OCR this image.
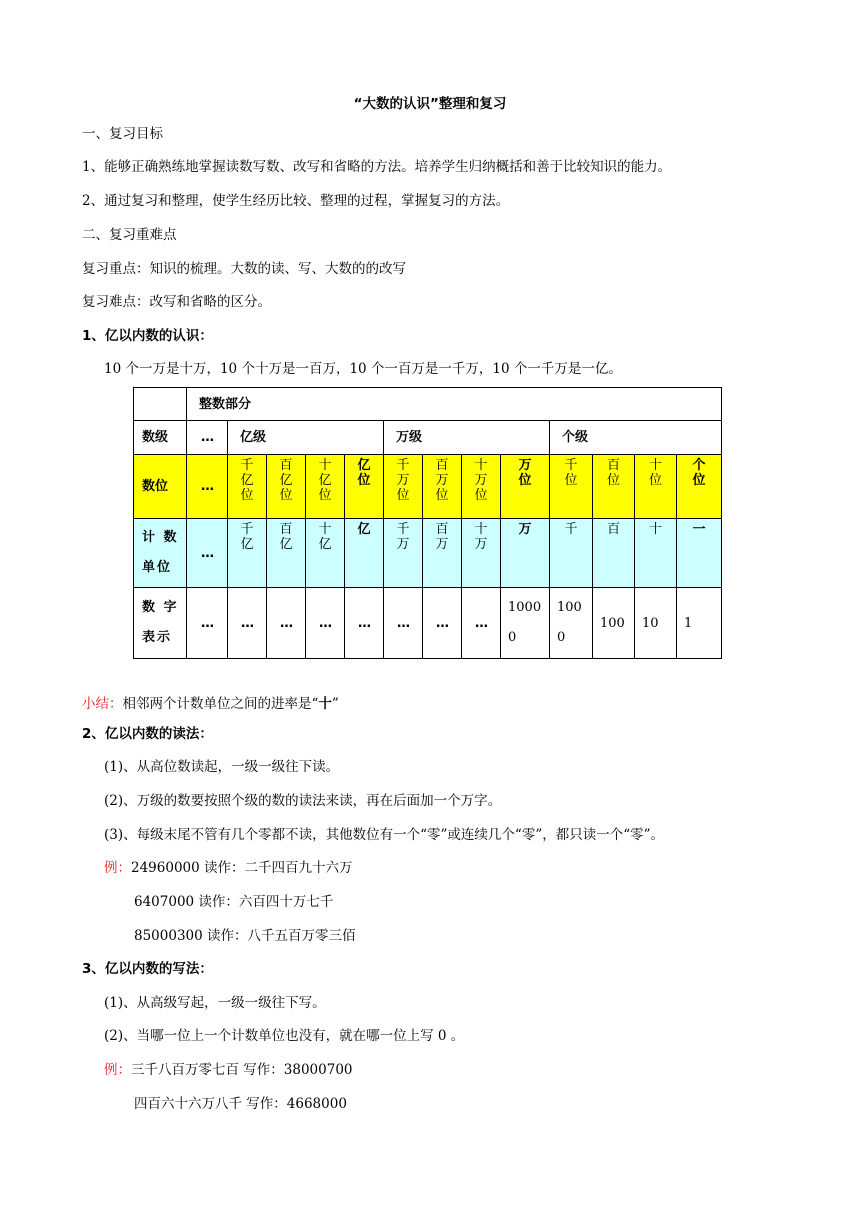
“大数的认识”整理和复习
一、复习目标
1、能够正确熟练地掌握读数写数、改写和省略的方法。培养学生归纳概括和善于比较知识的能力。
2、通过复习和整理，使学生经历比较、整理的过程，掌握复习的方法。
二、复习重难点
复习重点：知识的梳理。大数的读、写、大数的的改写
复习难点：改写和省略的区分。
1、亿以内数的认识：
10 个一万是十万，10 个十万是一百万，10 个一百万是一千万，10 个一千万是一亿。
	整数部分												
数级	…	亿级				万级				个级			
数位	…	千亿位	百亿位	十亿位	亿位	千万位	百万位	十万位	万位	千位	百位	十位	个位

计 数 单位	…	千亿	百亿	十亿	亿	千万	百万	十万	万	千	百	十	一

数 字 表示	…	…	…	…	…	…	…	…	10000	1000	100	10	1
小结：相邻两个计数单位之间的进率是“十”
2、亿以内数的读法：
(1)、从高位数读起，一级一级往下读。
(2)、万级的数要按照个级的数的读法来读，再在后面加一个万字。
(3)、每级末尾不管有几个零都不读，其他数位有一个“零”或连续几个“零”，都只读一个“零”。
例：24960000 读作：二千四百九十六万
6407000 读作：六百四十万七千
85000300 读作：八千五百万零三佰
3、亿以内数的写法：
(1)、从高级写起，一级一级往下写。
(2)、当哪一位上一个计数单位也没有，就在哪一位上写 0 。
例：三千八百万零七百 写作：38000700
四百六十六万八千 写作：4668000
